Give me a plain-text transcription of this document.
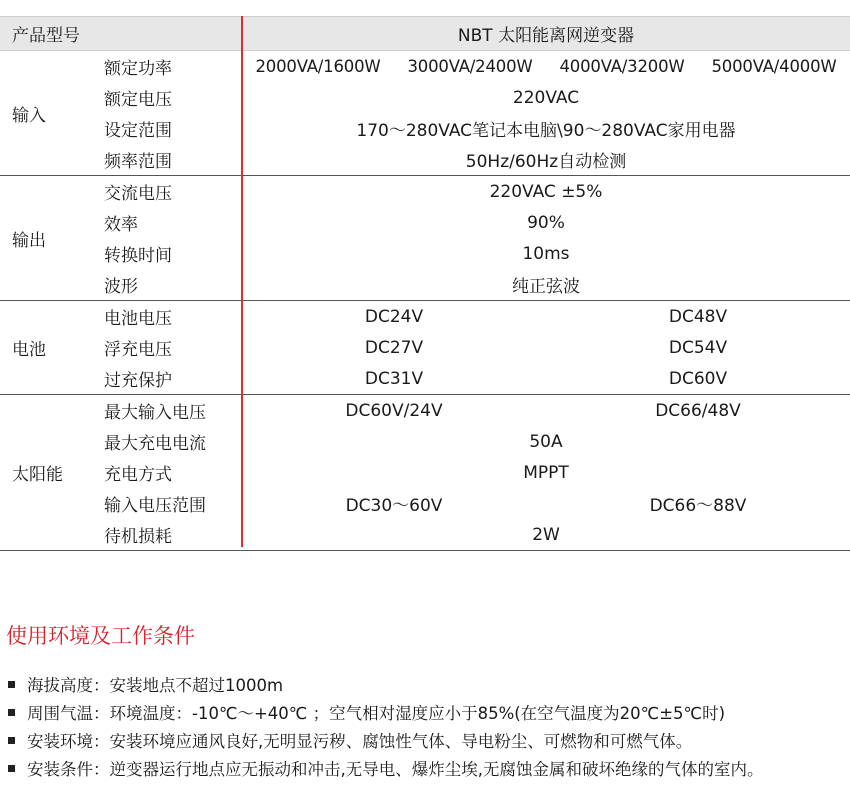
产品型号	NBT 太阳能离网逆变器
输入
额定功率	2000VA/1600W 3000VA/2400W 4000VA/3200W 5000VA/4000W
额定电压	220VAC
设定范围	170～280VAC笔记本电脑\90～280VAC家用电器
频率范围	50Hz/60Hz自动检测
输出
交流电压	220VAC ±5%
效率	90%
转换时间	10ms
波形	纯正弦波
电池
电池电压	DC24V	DC48V
浮充电压	DC27V	DC54V
过充保护	DC31V	DC60V
太阳能
最大输入电压	DC60V/24V	DC66/48V
最大充电电流	50A
充电方式	MPPT
输入电压范围	DC30～60V	DC66～88V
待机损耗	2W
使用环境及工作条件
海拔高度：安装地点不超过1000m
周围气温：环境温度：-10℃～+40℃ ；空气相对湿度应小于85%(在空气温度为20℃±5℃时)
安装环境：安装环境应通风良好,无明显污秽、腐蚀性气体、导电粉尘、可燃物和可燃气体。
安装条件：逆变器运行地点应无振动和冲击,无导电、爆炸尘埃,无腐蚀金属和破坏绝缘的气体的室内。
